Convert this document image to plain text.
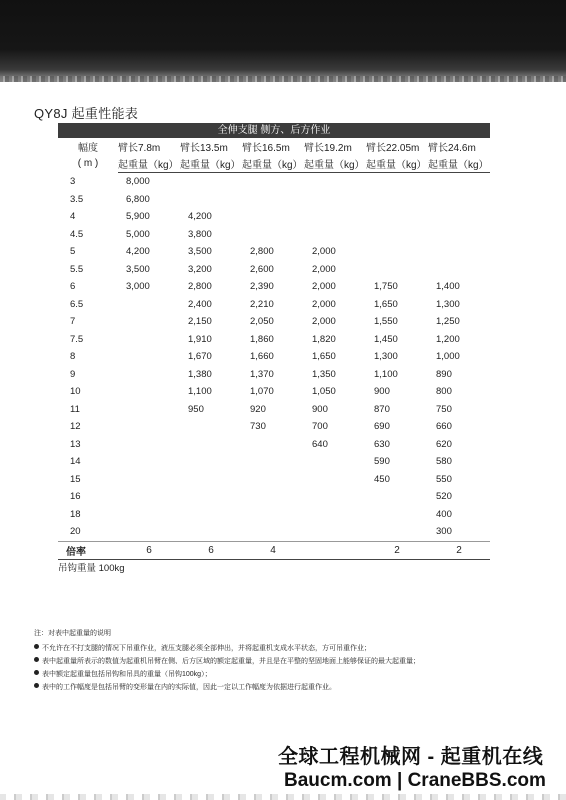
QY8J 起重性能表
全伸支腿 侧方、后方作业
幅度	臂长7.8m	臂长13.5m	臂长16.5m	臂长19.2m	臂长22.05m	臂长24.6m
( m )	起重量（kg）	起重量（kg）	起重量（kg）	起重量（kg）	起重量（kg）	起重量（kg）
3	8,000					
3.5	6,800					
4	5,900	4,200				
4.5	5,000	3,800				
5	4,200	3,500	2,800	2,000		
5.5	3,500	3,200	2,600	2,000		
6	3,000	2,800	2,390	2,000	1,750	1,400
6.5		2,400	2,210	2,000	1,650	1,300
7		2,150	2,050	2,000	1,550	1,250
7.5		1,910	1,860	1,820	1,450	1,200
8		1,670	1,660	1,650	1,300	1,000
9		1,380	1,370	1,350	1,100	890
10		1,100	1,070	1,050	900	800
11		950	920	900	870	750
12			730	700	690	660
13				640	630	620
14					590	580
15					450	550
16						520
18						400
20						300
倍率	6	6	4		2	2
吊钩重量 100kg						
注：对表中起重量的说明
不允许在不打支腿的情况下吊重作业，液压支腿必须全部伸出，并将起重机支成水平状态，方可吊重作业；
表中起重量所表示的数值为起重机吊臂在侧、后方区域的额定起重量，并且是在平整的坚固地面上能够保证的最大起重量；
表中额定起重量包括吊钩和吊具的重量（吊钩100kg）；
表中的工作幅度是包括吊臂的变形量在内的实际值，因此一定以工作幅度为依据进行起重作业。
全球工程机械网 - 起重机在线
Baucm.com | CraneBBS.com
